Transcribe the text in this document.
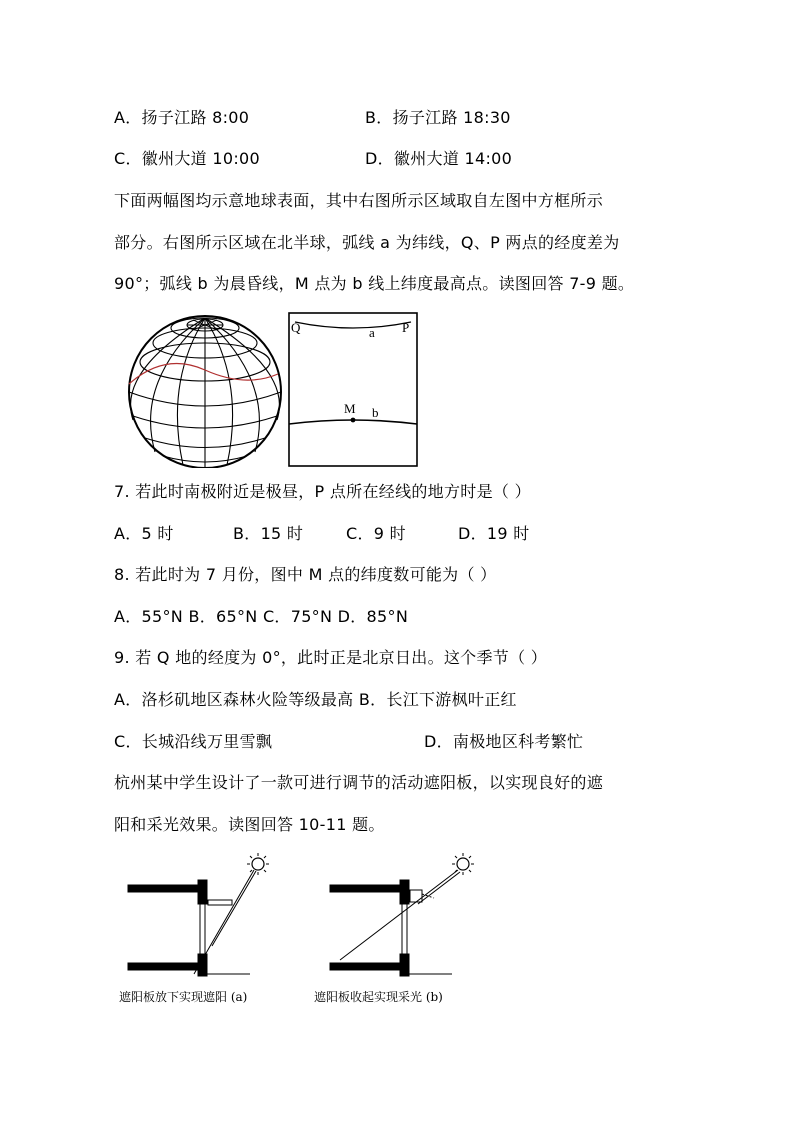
A．扬子江路 8:00	B．扬子江路 18:30
C．徽州大道 10:00	D．徽州大道 14:00
下面两幅图均示意地球表面，其中右图所示区域取自左图中方框所示
部分。右图所示区域在北半球，弧线 a 为纬线，Q、P 两点的经度差为
90°；弧线 b 为晨昏线，M 点为 b 线上纬度最高点。读图回答 7-9 题。
Q	a P
M b
7. 若此时南极附近是极昼，P 点所在经线的地方时是（ ）
A．5 时	B．15 时	C．9 时	D．19 时
8. 若此时为 7 月份，图中 M 点的纬度数可能为（ ）
A．55°N B．65°N C．75°N D．85°N
9. 若 Q 地的经度为 0°，此时正是北京日出。这个季节（ ）
A．洛杉矶地区森林火险等级最高 B．长江下游枫叶正红
C．长城沿线万里雪飘	D．南极地区科考繁忙
杭州某中学生设计了一款可进行调节的活动遮阳板，以实现良好的遮
阳和采光效果。读图回答 10-11 题。
遮阳板放下实现遮阳 (a)	遮阳板收起实现采光 (b)
